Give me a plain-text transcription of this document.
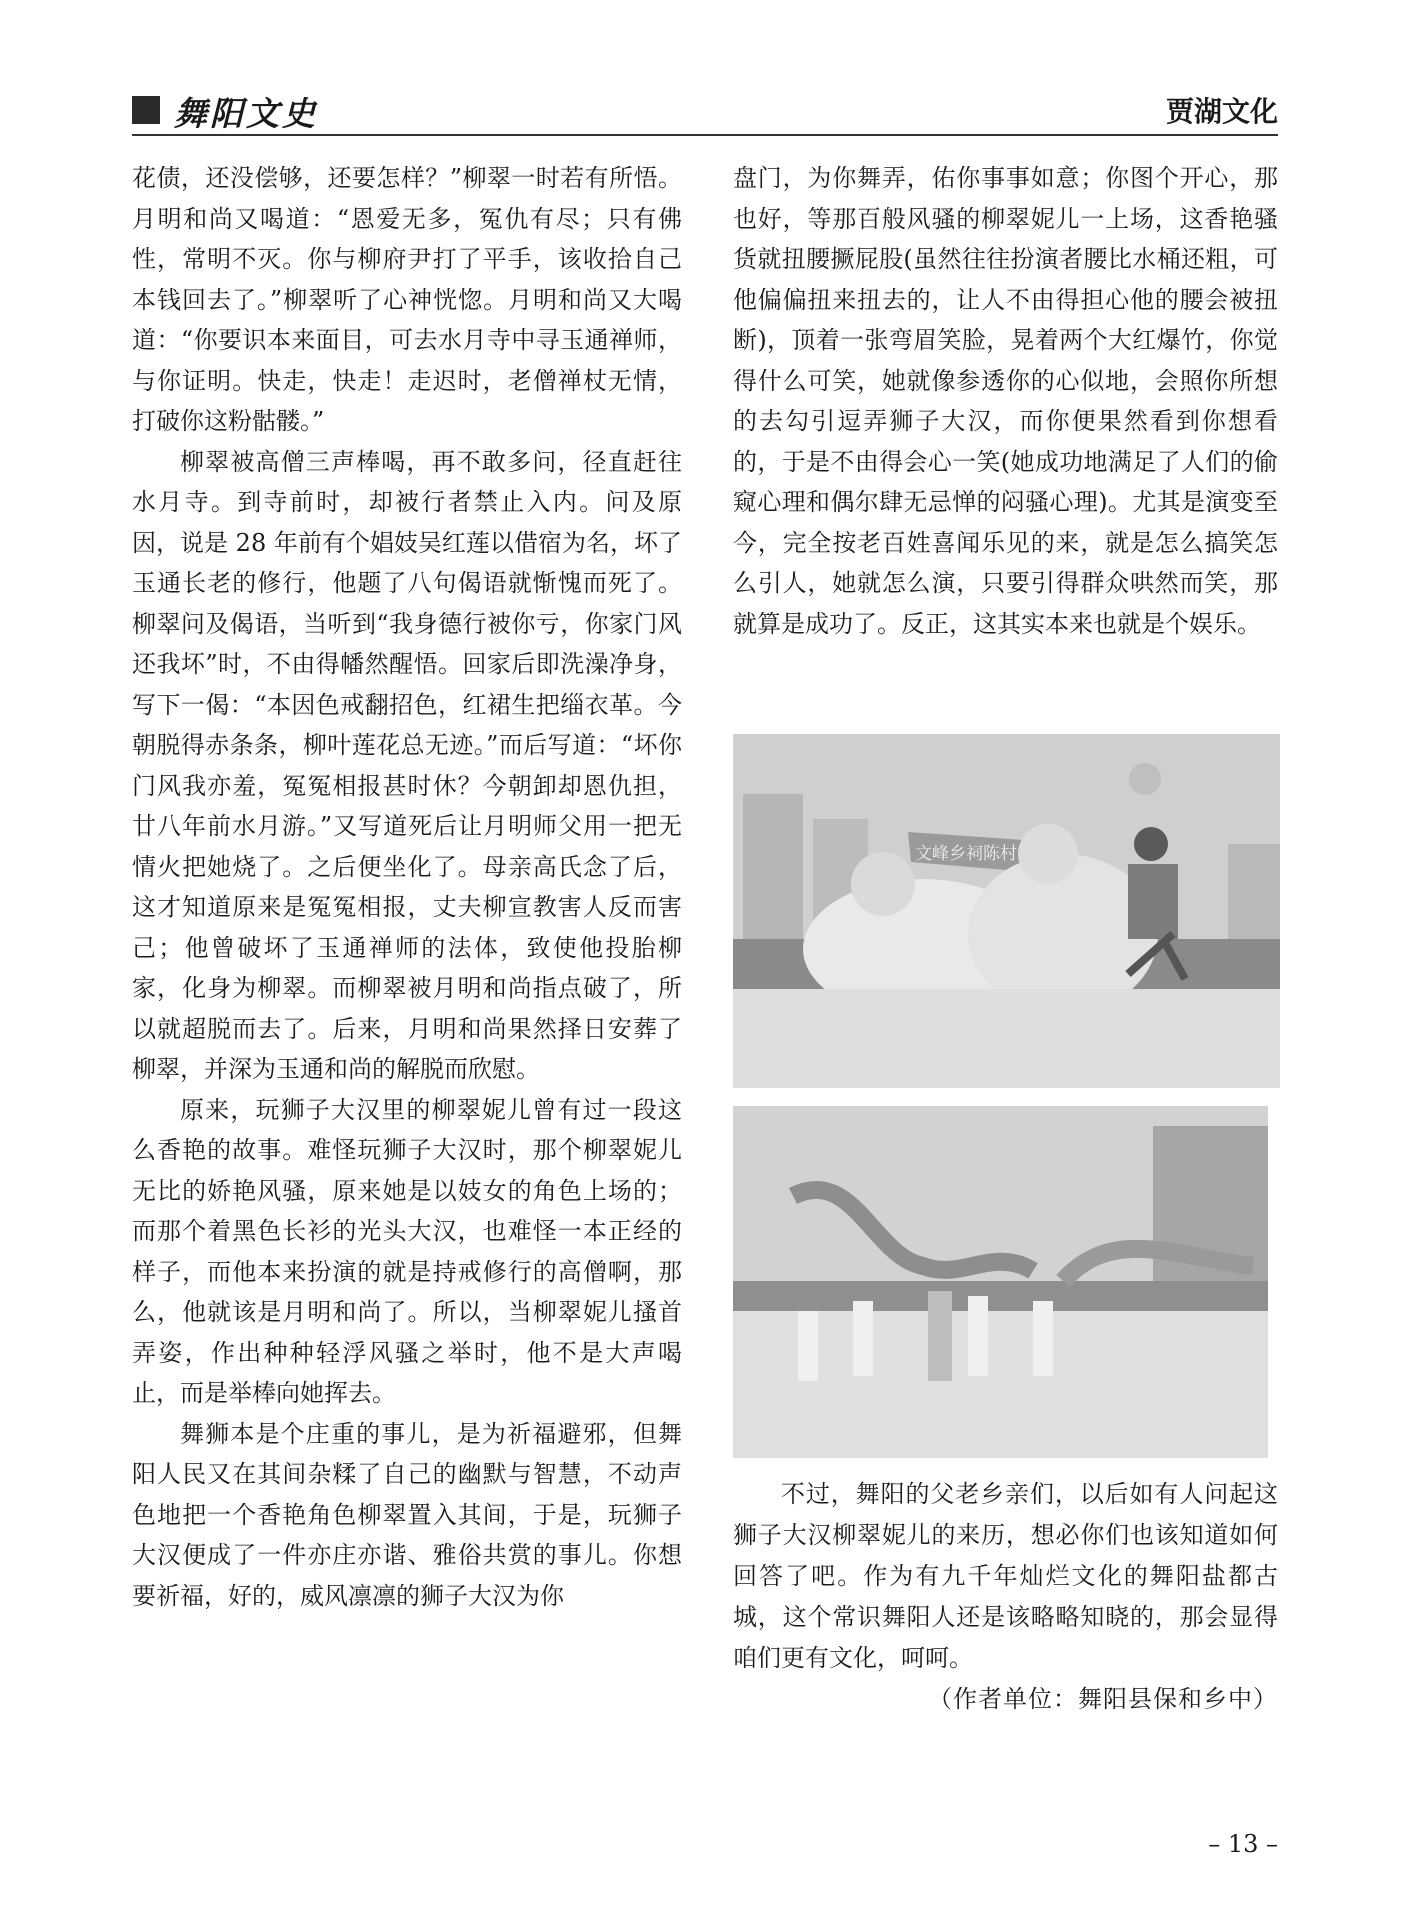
舞阳文史	贾湖文化

花债，还没偿够，还要怎样？”柳翠一时若有所悟。月明和尚又喝道：“恩爱无多，冤仇有尽；只有佛性，常明不灭。你与柳府尹打了平手，该收拾自己本钱回去了。”柳翠听了心神恍惚。月明和尚又大喝道：“你要识本来面目，可去水月寺中寻玉通禅师，与你证明。快走，快走！走迟时，老僧禅杖无情，打破你这粉骷髅。”

柳翠被高僧三声棒喝，再不敢多问，径直赶往水月寺。到寺前时，却被行者禁止入内。问及原因，说是 28 年前有个娼妓吴红莲以借宿为名，坏了玉通长老的修行，他题了八句偈语就惭愧而死了。柳翠问及偈语，当听到“我身德行被你亏，你家门风还我坏”时，不由得幡然醒悟。回家后即洗澡净身，写下一偈：“本因色戒翻招色，红裙生把缁衣革。今朝脱得赤条条，柳叶莲花总无迹。”而后写道：“坏你门风我亦羞，冤冤相报甚时休？今朝卸却恩仇担，廿八年前水月游。”又写道死后让月明师父用一把无情火把她烧了。之后便坐化了。母亲高氏念了后，这才知道原来是冤冤相报，丈夫柳宣教害人反而害己；他曾破坏了玉通禅师的法体，致使他投胎柳家，化身为柳翠。而柳翠被月明和尚指点破了，所以就超脱而去了。后来，月明和尚果然择日安葬了柳翠，并深为玉通和尚的解脱而欣慰。

原来，玩狮子大汉里的柳翠妮儿曾有过一段这么香艳的故事。难怪玩狮子大汉时，那个柳翠妮儿无比的娇艳风骚，原来她是以妓女的角色上场的；而那个着黑色长衫的光头大汉，也难怪一本正经的样子，而他本来扮演的就是持戒修行的高僧啊，那么，他就该是月明和尚了。所以，当柳翠妮儿搔首弄姿，作出种种轻浮风骚之举时，他不是大声喝止，而是举棒向她挥去。

舞狮本是个庄重的事儿，是为祈福避邪，但舞阳人民又在其间杂糅了自己的幽默与智慧，不动声色地把一个香艳角色柳翠置入其间，于是，玩狮子大汉便成了一件亦庄亦谐、雅俗共赏的事儿。你想要祈福，好的，威风凛凛的狮子大汉为你

盘门，为你舞弄，佑你事事如意；你图个开心，那也好，等那百般风骚的柳翠妮儿一上场，这香艳骚货就扭腰撅屁股(虽然往往扮演者腰比水桶还粗，可他偏偏扭来扭去的，让人不由得担心他的腰会被扭断)，顶着一张弯眉笑脸，晃着两个大红爆竹，你觉得什么可笑，她就像参透你的心似地，会照你所想的去勾引逗弄狮子大汉，而你便果然看到你想看的，于是不由得会心一笑(她成功地满足了人们的偷窥心理和偶尔肆无忌惮的闷骚心理)。尤其是演变至今，完全按老百姓喜闻乐见的来，就是怎么搞笑怎么引人，她就怎么演，只要引得群众哄然而笑，那就算是成功了。反正，这其实本来也就是个娱乐。

文峰乡祠陈村

不过，舞阳的父老乡亲们，以后如有人问起这狮子大汉柳翠妮儿的来历，想必你们也该知道如何回答了吧。作为有九千年灿烂文化的舞阳盐都古城，这个常识舞阳人还是该略略知晓的，那会显得咱们更有文化，呵呵。

（作者单位：舞阳县保和乡中）

– 13 –
